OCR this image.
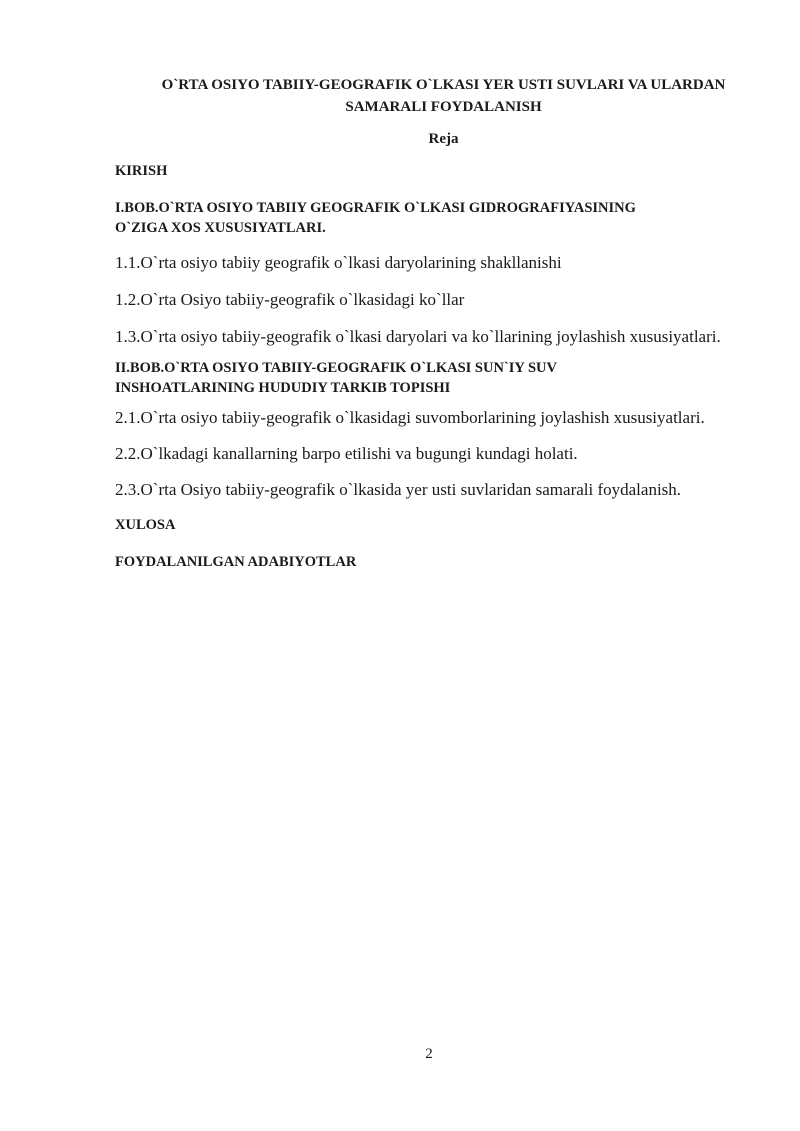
O`RTA OSIYO TABIIY-GEOGRAFIK O`LKASI YER USTI SUVLARI VA ULARDAN
SAMARALI FOYDALANISH

Reja

KIRISH

I.BOB.O`RTA OSIYO TABIIY GEOGRAFIK O`LKASI GIDROGRAFIYASINING
O`ZIGA XOS XUSUSIYATLARI.

1.1.O`rta osiyo tabiiy geografik o`lkasi daryolarining shakllanishi

1.2.O`rta Osiyo tabiiy-geografik o`lkasidagi ko`llar

1.3.O`rta osiyo tabiiy-geografik o`lkasi daryolari va ko`llarining joylashish xususiyatlari.

II.BOB.O`RTA OSIYO TABIIY-GEOGRAFIK O`LKASI SUN`IY SUV
INSHOATLARINING HUDUDIY TARKIB TOPISHI

2.1.O`rta osiyo tabiiy-geografik o`lkasidagi suvomborlarining joylashish xususiyatlari.

2.2.O`lkadagi kanallarning barpo etilishi va bugungi kundagi holati.

2.3.O`rta Osiyo tabiiy-geografik o`lkasida yer usti suvlaridan samarali foydalanish.

XULOSA

FOYDALANILGAN ADABIYOTLAR

2
